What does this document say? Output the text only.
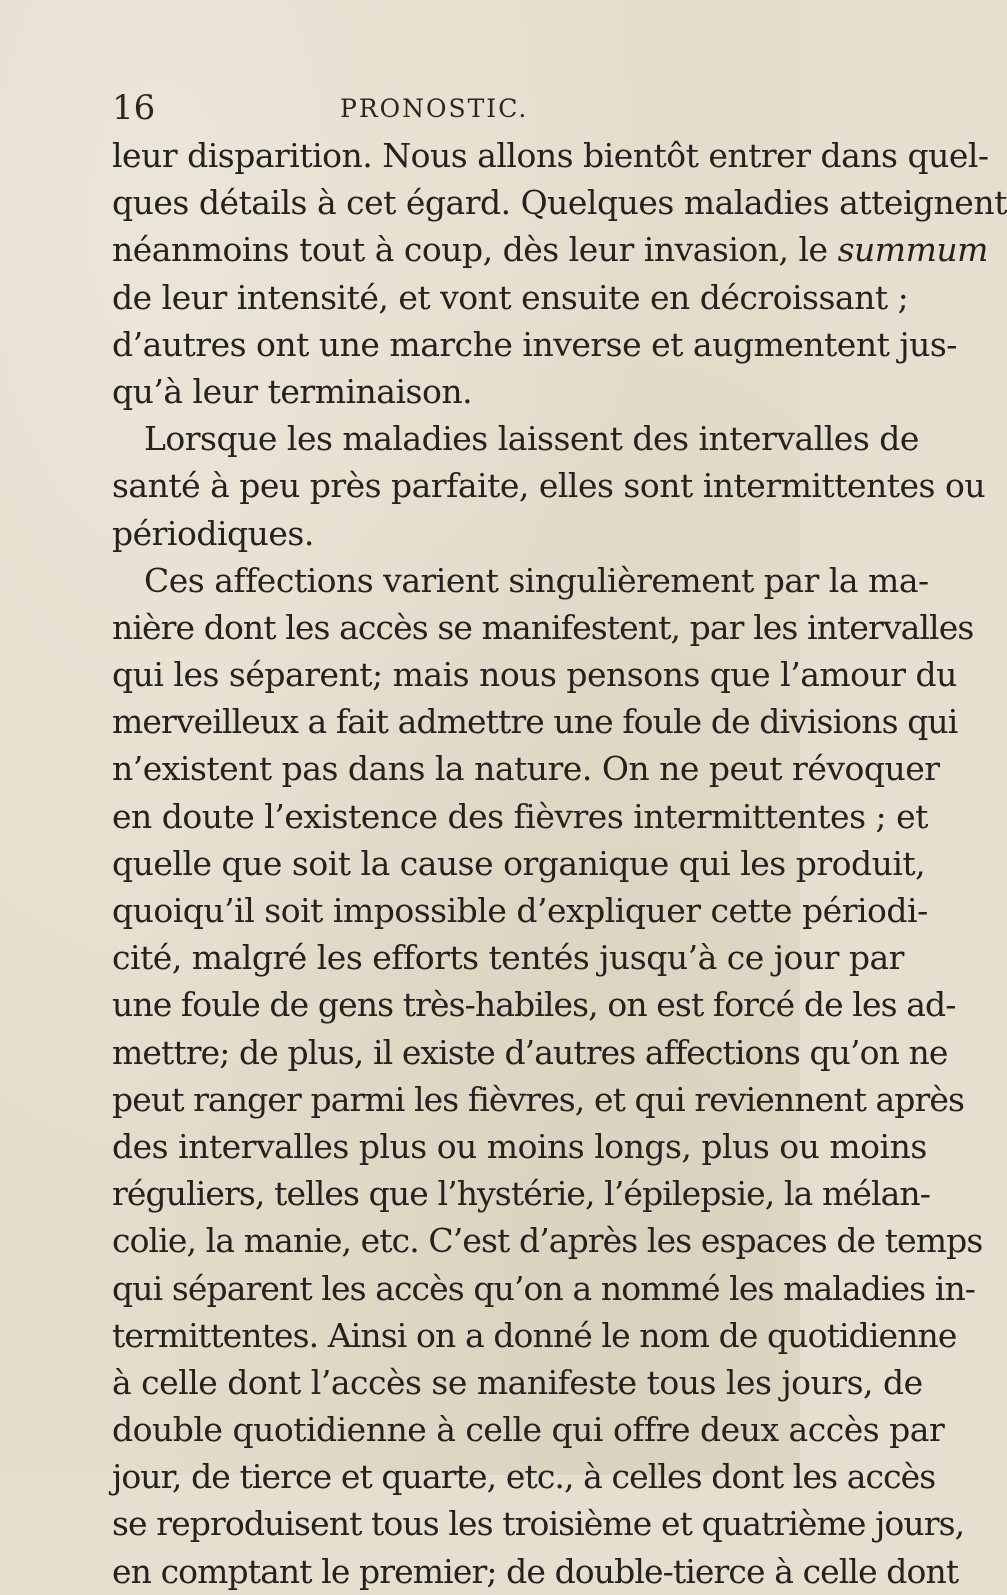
16	PRONOSTIC.
leur disparition. Nous allons bientôt entrer dans quel-
ques détails à cet égard. Quelques maladies atteignent
néanmoins tout à coup, dès leur invasion, le summum
de leur intensité, et vont ensuite en décroissant ;
d’autres ont une marche inverse et augmentent jus-
qu’à leur terminaison.
Lorsque les maladies laissent des intervalles de
santé à peu près parfaite, elles sont intermittentes ou
périodiques.
Ces affections varient singulièrement par la ma-
nière dont les accès se manifestent, par les intervalles
qui les séparent; mais nous pensons que l’amour du
merveilleux a fait admettre une foule de divisions qui
n’existent pas dans la nature. On ne peut révoquer
en doute l’existence des fièvres intermittentes ; et
quelle que soit la cause organique qui les produit,
quoiqu’il soit impossible d’expliquer cette périodi-
cité, malgré les efforts tentés jusqu’à ce jour par
une foule de gens très-habiles, on est forcé de les ad-
mettre; de plus, il existe d’autres affections qu’on ne
peut ranger parmi les fièvres, et qui reviennent après
des intervalles plus ou moins longs, plus ou moins
réguliers, telles que l’hystérie, l’épilepsie, la mélan-
colie, la manie, etc. C’est d’après les espaces de temps
qui séparent les accès qu’on a nommé les maladies in-
termittentes. Ainsi on a donné le nom de quotidienne
à celle dont l’accès se manifeste tous les jours, de
double quotidienne à celle qui offre deux accès par
jour, de tierce et quarte, etc., à celles dont les accès
se reproduisent tous les troisième et quatrième jours,
en comptant le premier; de double-tierce à celle dont
